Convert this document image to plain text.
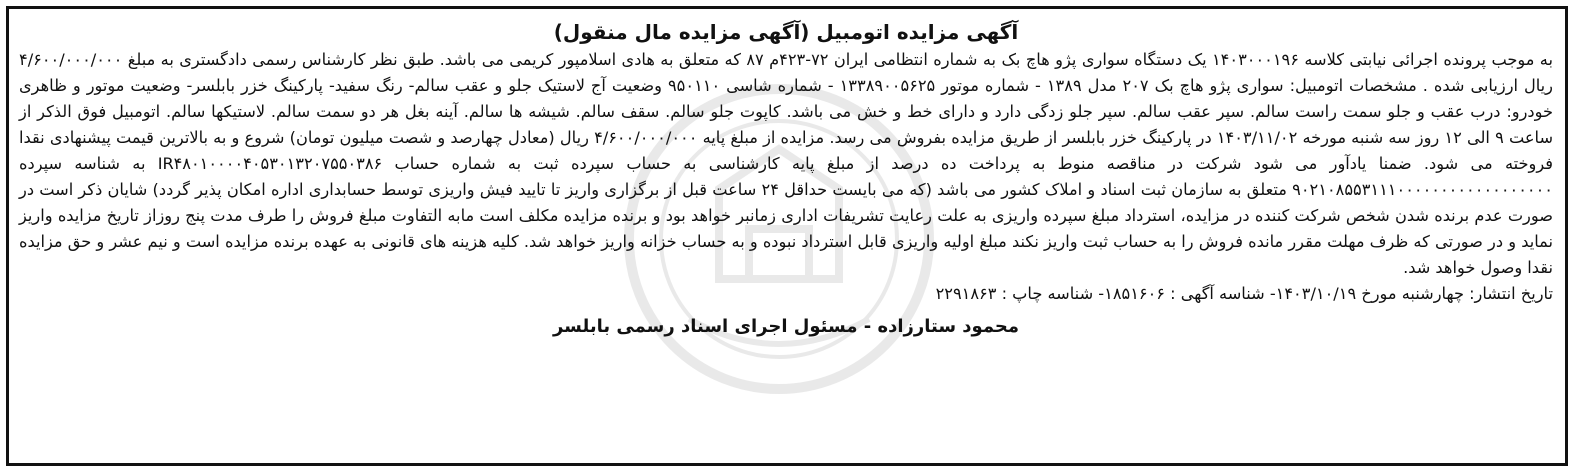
آگهی مزایده اتومبیل (آگهی مزایده مال منقول)

به موجب پرونده اجرائی نیابتی کلاسه ۱۴۰۳۰۰۰۱۹۶ یک دستگاه سواری پژو هاچ بک به شماره انتظامی ایران ۷۲-۴۲۳م ۸۷ که متعلق به هادی اسلامپور کریمی می باشد. طبق نظر کارشناس رسمی دادگستری به مبلغ ۴/۶۰۰/۰۰۰/۰۰۰ ریال ارزیابی شده . مشخصات اتومبیل: سواری پژو هاچ بک ۲۰۷ مدل ۱۳۸۹ - شماره موتور ۱۳۳۸۹۰۰۵۶۲۵ - شماره شاسی ۹۵۰۱۱۰ وضعیت آج لاستیک جلو و عقب سالم- رنگ سفید- پارکینگ خزر بابلسر- وضعیت موتور و ظاهری خودرو: درب عقب و جلو سمت راست سالم. سپر عقب سالم. سپر جلو زدگی دارد و دارای خط و خش می باشد. کاپوت جلو سالم. سقف سالم. شیشه ها سالم. آینه بغل هر دو سمت سالم. لاستیکها سالم. اتومبیل فوق الذکر از ساعت ۹ الی ۱۲ روز سه شنبه مورخه ۱۴۰۳/۱۱/۰۲ در پارکینگ خزر بابلسر از طریق مزایده بفروش می رسد. مزایده از مبلغ پایه ۴/۶۰۰/۰۰۰/۰۰۰ ریال (معادل چهارصد و شصت میلیون تومان) شروع و به بالاترین قیمت پیشنهادی نقدا فروخته می شود. ضمنا یادآور می شود شرکت در مناقصه منوط به پرداخت ده درصد از مبلغ پایه کارشناسی به حساب سپرده ثبت به شماره حساب IR۴۸۰۱۰۰۰۰۴۰۵۳۰۱۳۲۰۷۵۵۰۳۸۶ به شناسه سپرده ۹۰۲۱۰۸۵۵۳۱۱۱۰۰۰۰۰۰۰۰۰۰۰۰۰۰۰۰۰۰ متعلق به سازمان ثبت اسناد و املاک کشور می باشد (که می بایست حداقل ۲۴ ساعت قبل از برگزاری واریز تا تایید فیش واریزی توسط حسابداری اداره امکان پذیر گردد) شایان ذکر است در صورت عدم برنده شدن شخص شرکت کننده در مزایده، استرداد مبلغ سپرده واریزی به علت رعایت تشریفات اداری زمانبر خواهد بود و برنده مزایده مکلف است مابه التفاوت مبلغ فروش را طرف مدت پنج روزاز تاریخ مزایده واریز نماید و در صورتی که ظرف مهلت مقرر مانده فروش را به حساب ثبت واریز نکند مبلغ اولیه واریزی قابل استرداد نبوده و به حساب خزانه واریز خواهد شد. کلیه هزینه های قانونی به عهده برنده مزایده است و نیم عشر و حق مزایده نقدا وصول خواهد شد.

تاریخ انتشار: چهارشنبه مورخ ۱۴۰۳/۱۰/۱۹- شناسه آگهی : ۱۸۵۱۶۰۶- شناسه چاپ : ۲۲۹۱۸۶۳

محمود ستارزاده - مسئول اجرای اسناد رسمی بابلسر
